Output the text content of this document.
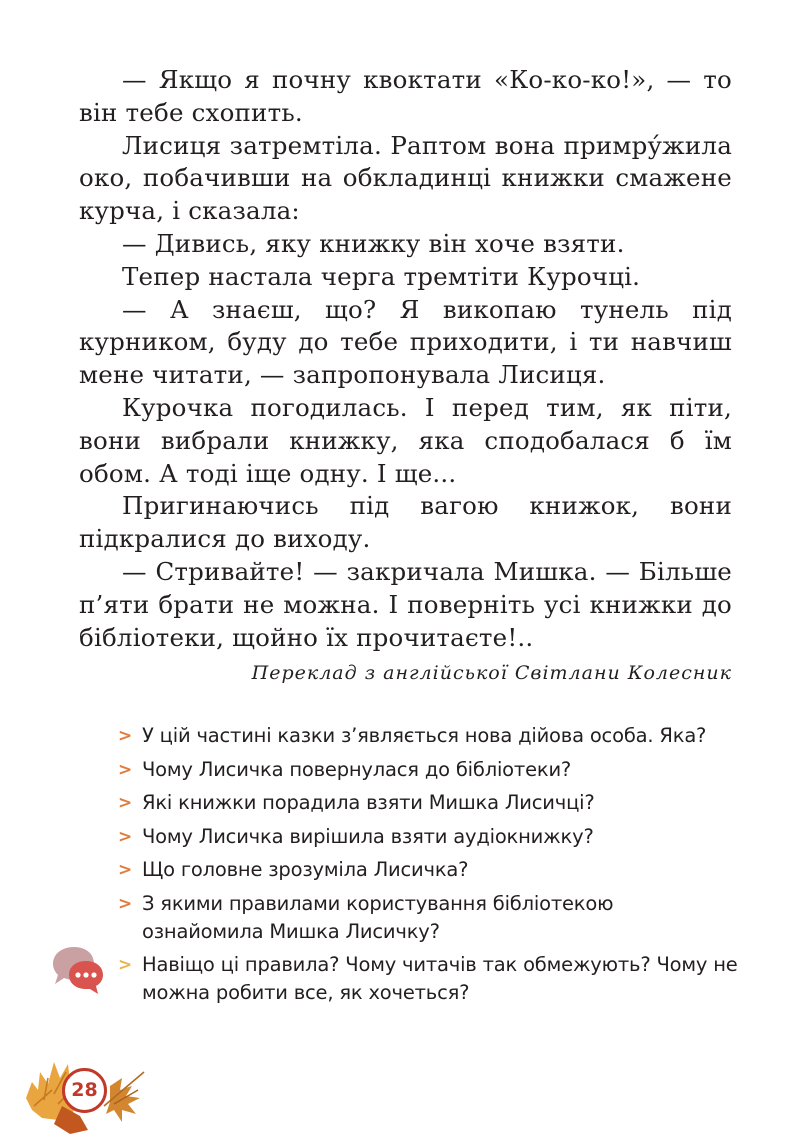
— Якщо я почну квоктати «Ко-ко-ко!», — то він тебе схопить.

Лисиця затремтіла. Раптом вона примру́жила око, побачивши на обкладинці книжки смажене курча, і сказала:

— Дивись, яку книжку він хоче взяти.

Тепер настала черга тремтіти Курочці.

— А знаєш, що? Я викопаю тунель під курником, буду до тебе приходити, і ти навчиш мене читати, — запропонувала Лисиця.

Курочка погодилась. І перед тим, як піти, вони вибрали книжку, яка сподобалася б їм обом. А тоді іще одну. І ще...

Пригинаючись під вагою книжок, вони підкралися до виходу.

— Стривайте! — закричала Мишка. — Більше п’яти брати не можна. І поверніть усі книжки до бібліотеки, щойно їх прочитаєте!..

Переклад з англійської Світлани Колесник

> У цій частині казки з’являється нова дійова особа. Яка?
> Чому Лисичка повернулася до бібліотеки?
> Які книжки порадила взяти Мишка Лисичці?
> Чому Лисичка вирішила взяти аудіокнижку?
> Що головне зрозуміла Лисичка?
> З якими правилами користування бібліотекою ознайомила Мишка Лисичку?
> Навіщо ці правила? Чому читачів так обмежують? Чому не можна робити все, як хочеться?
28
